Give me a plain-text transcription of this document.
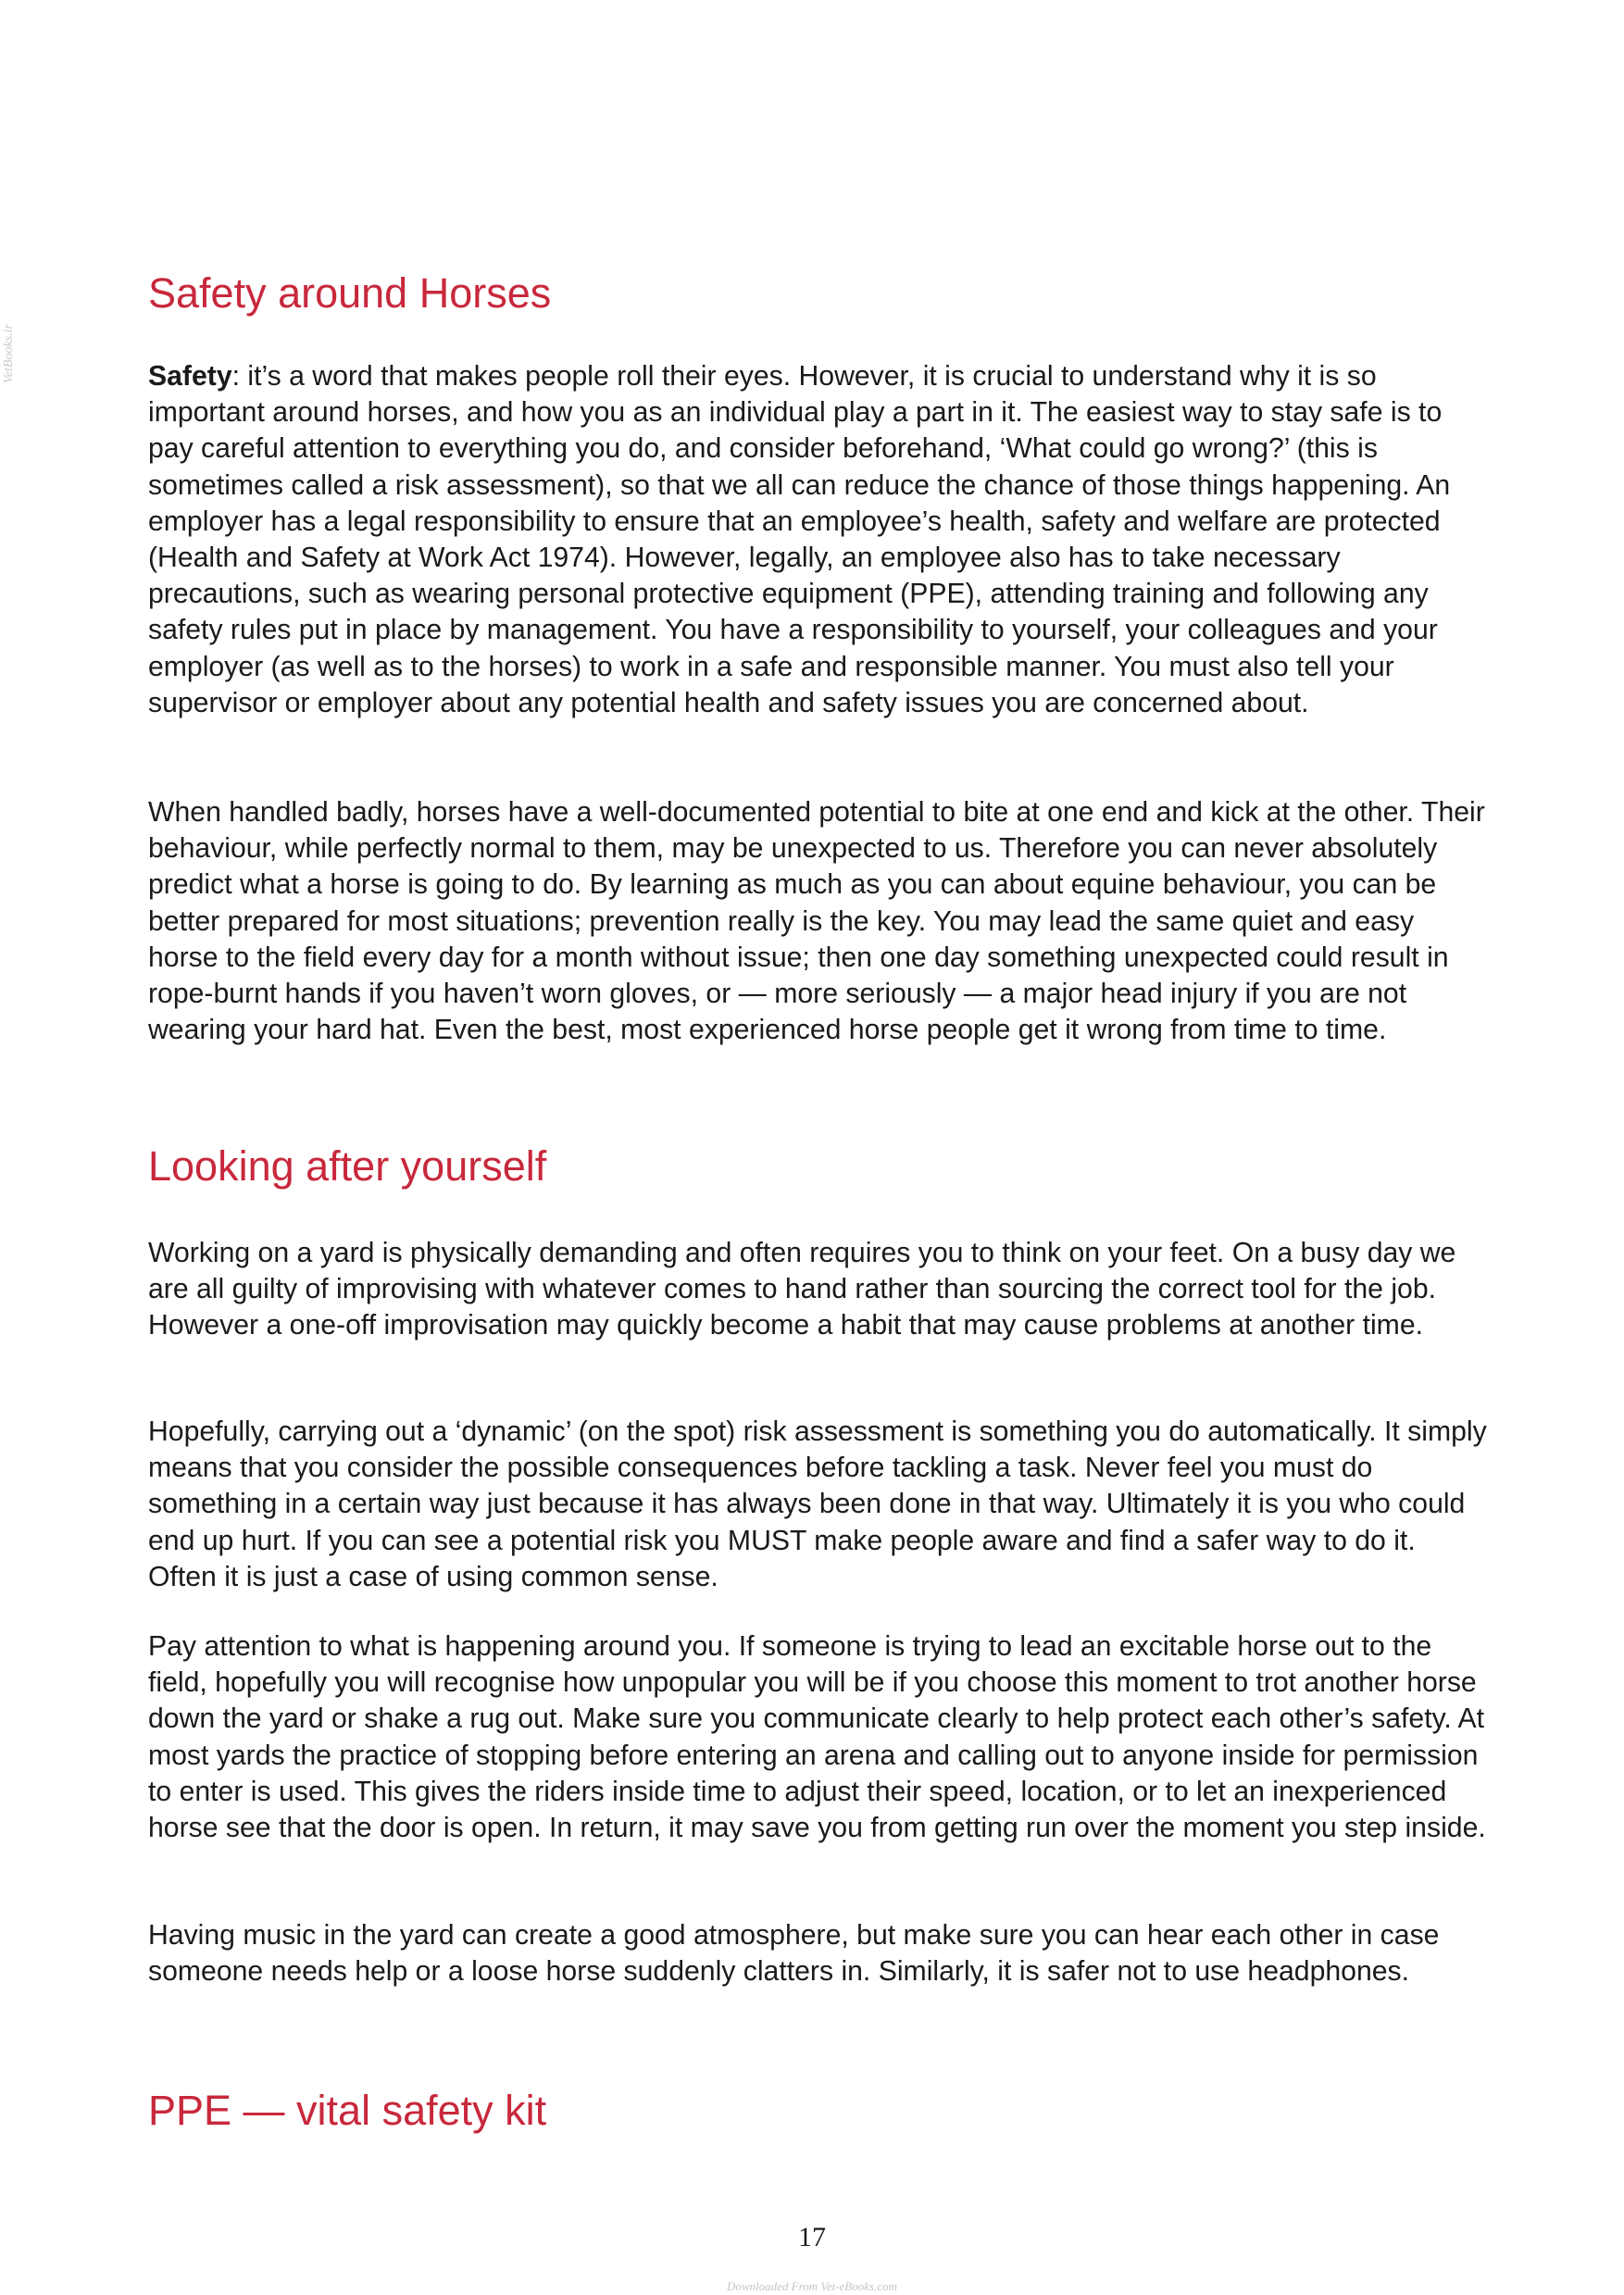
VetBooks.ir
Safety around Horses

Safety: it’s a word that makes people roll their eyes. However, it is crucial to understand why it is so important around horses, and how you as an individual play a part in it. The easiest way to stay safe is to pay careful attention to everything you do, and consider beforehand, ‘What could go wrong?’ (this is sometimes called a risk assessment), so that we all can reduce the chance of those things happening. An employer has a legal responsibility to ensure that an employee’s health, safety and welfare are protected (Health and Safety at Work Act 1974). However, legally, an employee also has to take necessary precautions, such as wearing personal protective equipment (PPE), attending training and following any safety rules put in place by management. You have a responsibility to yourself, your colleagues and your employer (as well as to the horses) to work in a safe and responsible manner. You must also tell your supervisor or employer about any potential health and safety issues you are concerned about.

When handled badly, horses have a well-documented potential to bite at one end and kick at the other. Their behaviour, while perfectly normal to them, may be unexpected to us. Therefore you can never absolutely predict what a horse is going to do. By learning as much as you can about equine behaviour, you can be better prepared for most situations; prevention really is the key. You may lead the same quiet and easy horse to the field every day for a month without issue; then one day something unexpected could result in rope-burnt hands if you haven’t worn gloves, or — more seriously — a major head injury if you are not wearing your hard hat. Even the best, most experienced horse people get it wrong from time to time.

Looking after yourself

Working on a yard is physically demanding and often requires you to think on your feet. On a busy day we are all guilty of improvising with whatever comes to hand rather than sourcing the correct tool for the job. However a one-off improvisation may quickly become a habit that may cause problems at another time.

Hopefully, carrying out a ‘dynamic’ (on the spot) risk assessment is something you do automatically. It simply means that you consider the possible consequences before tackling a task. Never feel you must do something in a certain way just because it has always been done in that way. Ultimately it is you who could end up hurt. If you can see a potential risk you MUST make people aware and find a safer way to do it. Often it is just a case of using common sense.

Pay attention to what is happening around you. If someone is trying to lead an excitable horse out to the field, hopefully you will recognise how unpopular you will be if you choose this moment to trot another horse down the yard or shake a rug out. Make sure you communicate clearly to help protect each other’s safety. At most yards the practice of stopping before entering an arena and calling out to anyone inside for permission to enter is used. This gives the riders inside time to adjust their speed, location, or to let an inexperienced horse see that the door is open. In return, it may save you from getting run over the moment you step inside.

Having music in the yard can create a good atmosphere, but make sure you can hear each other in case someone needs help or a loose horse suddenly clatters in. Similarly, it is safer not to use headphones.

PPE — vital safety kit
17
Downloaded From Vet-eBooks.com
